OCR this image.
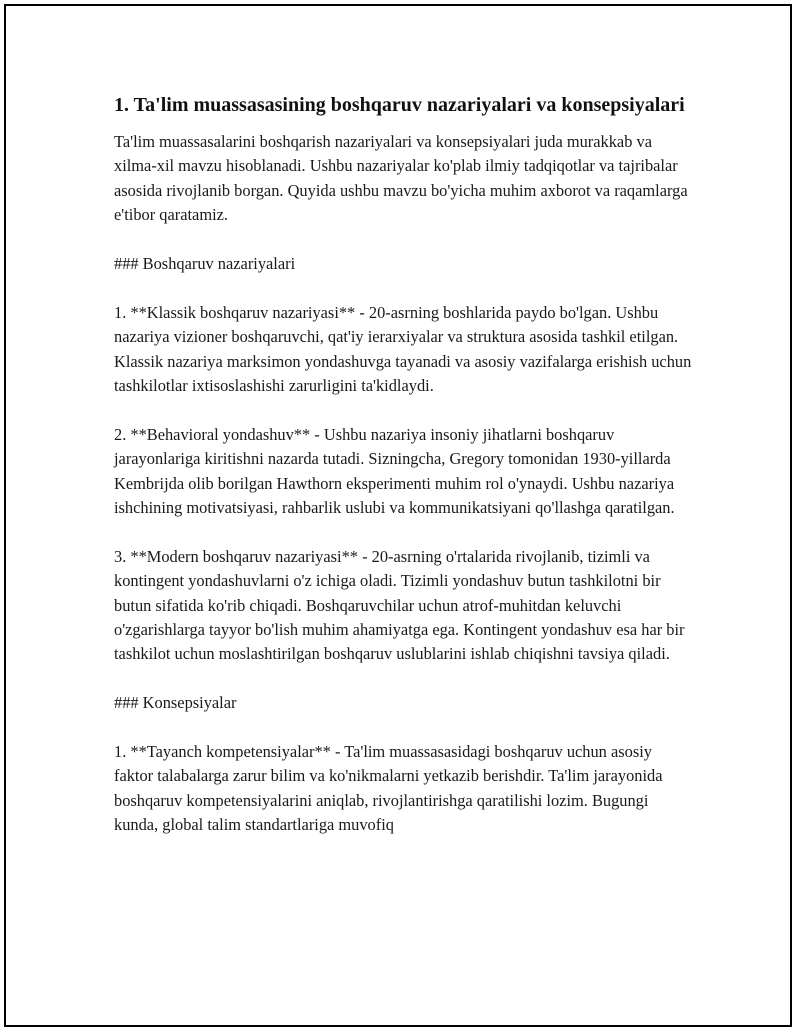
1. Ta'lim muassasasining boshqaruv nazariyalari va konsepsiyalari

Ta'lim muassasalarini boshqarish nazariyalari va konsepsiyalari juda murakkab va xilma-xil mavzu hisoblanadi. Ushbu nazariyalar ko'plab ilmiy tadqiqotlar va tajribalar asosida rivojlanib borgan. Quyida ushbu mavzu bo'yicha muhim axborot va raqamlarga e'tibor qaratamiz.

### Boshqaruv nazariyalari

1. **Klassik boshqaruv nazariyasi** - 20-asrning boshlarida paydo bo'lgan. Ushbu nazariya vizioner boshqaruvchi, qat'iy ierarxiyalar va struktura asosida tashkil etilgan. Klassik nazariya marksimon yondashuvga tayanadi va asosiy vazifalarga erishish uchun tashkilotlar ixtisoslashishi zarurligini ta'kidlaydi.

2. **Behavioral yondashuv** - Ushbu nazariya insoniy jihatlarni boshqaruv jarayonlariga kiritishni nazarda tutadi. Sizningcha, Gregory tomonidan 1930-yillarda Kembrijda olib borilgan Hawthorn eksperimenti muhim rol o'ynaydi. Ushbu nazariya ishchining motivatsiyasi, rahbarlik uslubi va kommunikatsiyani qo'llashga qaratilgan.

3. **Modern boshqaruv nazariyasi** - 20-asrning o'rtalarida rivojlanib, tizimli va kontingent yondashuvlarni o'z ichiga oladi. Tizimli yondashuv butun tashkilotni bir butun sifatida ko'rib chiqadi. Boshqaruvchilar uchun atrof-muhitdan keluvchi o'zgarishlarga tayyor bo'lish muhim ahamiyatga ega. Kontingent yondashuv esa har bir tashkilot uchun moslashtirilgan boshqaruv uslublarini ishlab chiqishni tavsiya qiladi.

### Konsepsiyalar

1. **Tayanch kompetensiyalar** - Ta'lim muassasasidagi boshqaruv uchun asosiy faktor talabalarga zarur bilim va ko'nikmalarni yetkazib berishdir. Ta'lim jarayonida boshqaruv kompetensiyalarini aniqlab, rivojlantirishga qaratilishi lozim. Bugungi kunda, global talim standartlariga muvofiq
